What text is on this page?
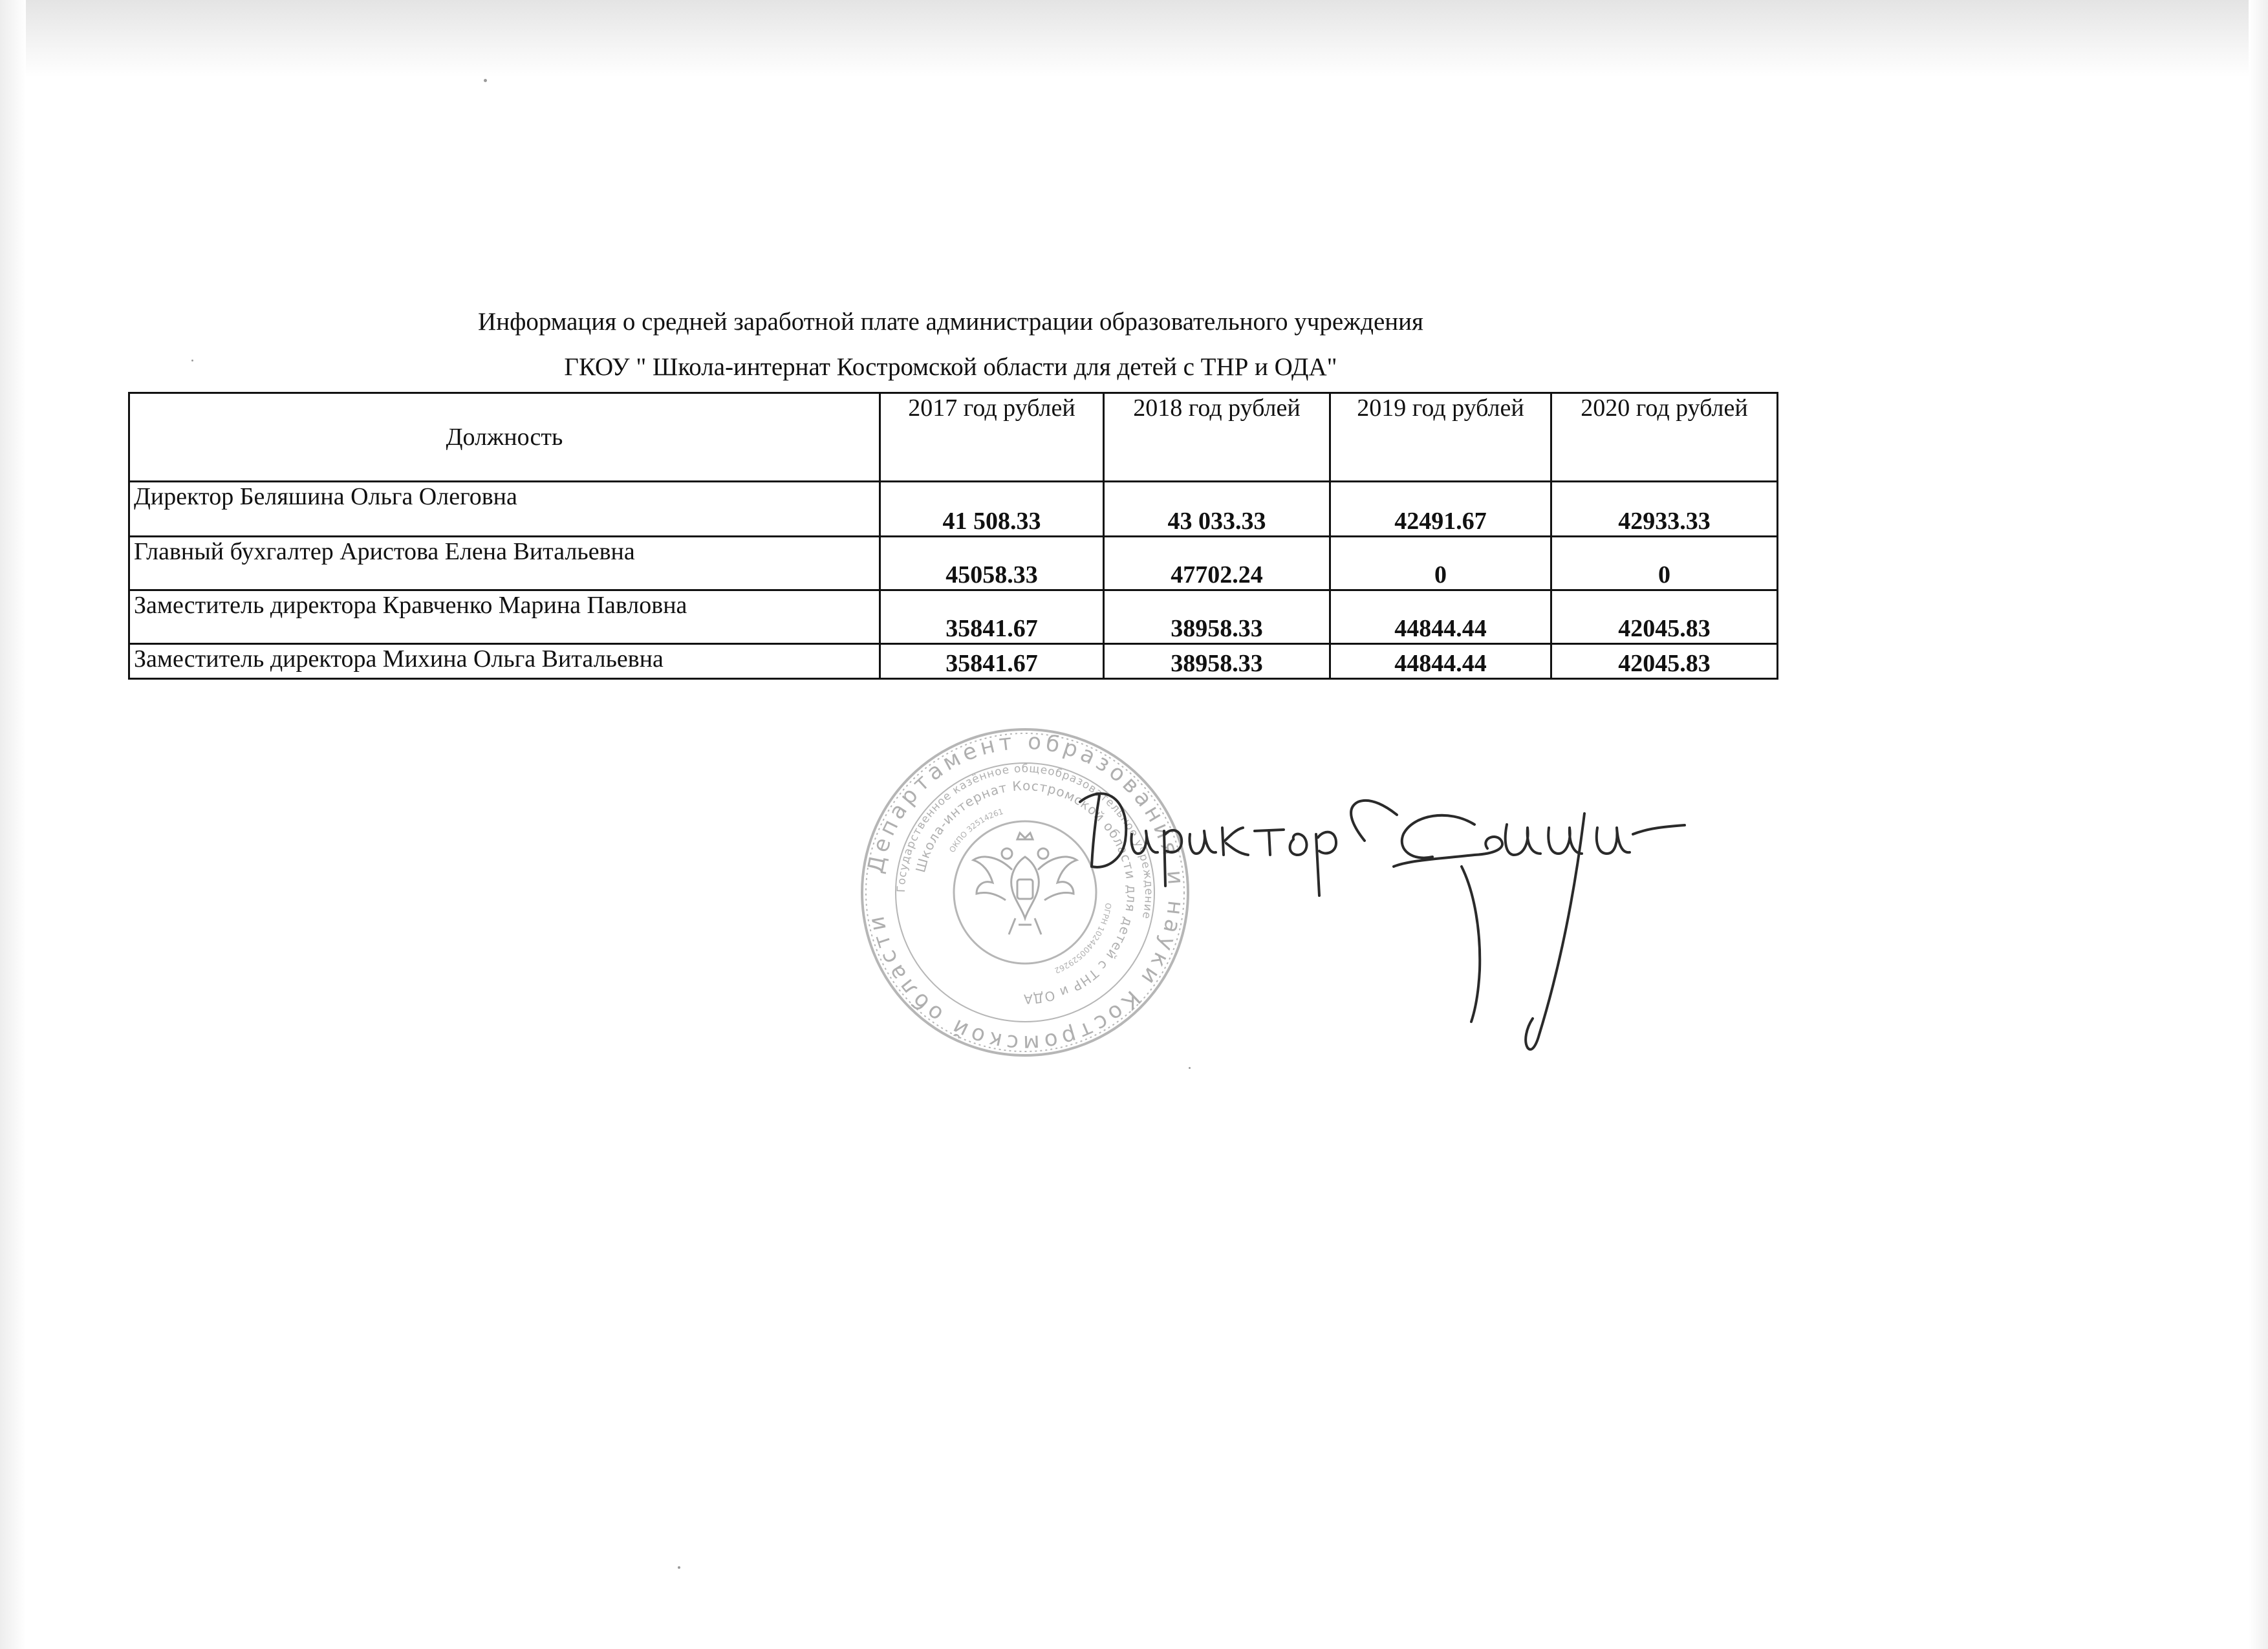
Информация о средней заработной плате администрации образовательного учреждения
ГКОУ " Школа-интернат Костромской области для детей с ТНР и ОДА"
Должность	2017 год рублей	2018 год рублей	2019 год рублей	2020 год рублей
Директор Беляшина Ольга Олеговна	41 508.33	43 033.33	42491.67	42933.33
Главный бухгалтер Аристова Елена Витальевна	45058.33	47702.24	0	0
Заместитель директора Кравченко Марина Павловна	35841.67	38958.33	44844.44	42045.83
Заместитель директора Михина Ольга Витальевна	35841.67	38958.33	44844.44	42045.83
Департамент образования и науки Костромской области
Государственное казённое общеобразовательное учреждение
Школа-интернат Костромской области для детей с ТНР и ОДА
ОГРН 1024400529262
ОКПО 32514261
Директор Беляшина
